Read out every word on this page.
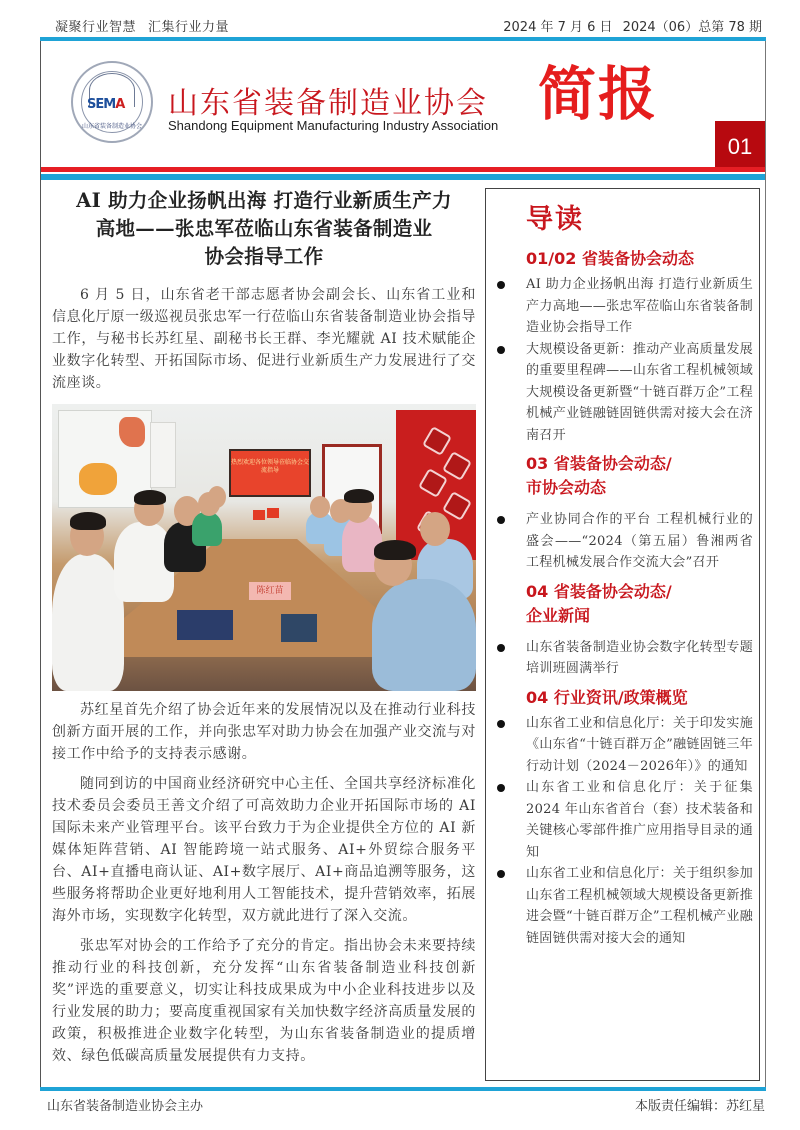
凝聚行业智慧 汇集行业力量	2024 年 7 月 6 日 2024（06）总第 78 期
SEMA
山东省装备制造业协会
山东省装备制造业协会
Shandong Equipment Manufacturing Industry Association 简报
01
AI 助力企业扬帆出海 打造行业新质生产力
高地——张忠军莅临山东省装备制造业
协会指导工作

6 月 5 日，山东省老干部志愿者协会副会长、山东省工业和信息化厅原一级巡视员张忠军一行莅临山东省装备制造业协会指导工作，与秘书长苏红星、副秘书长王群、李光耀就 AI 技术赋能企业数字化转型、开拓国际市场、促进行业新质生产力发展进行了交流座谈。

热烈欢迎各位领导莅临协会交流指导
陈红苗

苏红星首先介绍了协会近年来的发展情况以及在推动行业科技创新方面开展的工作，并向张忠军对助力协会在加强产业交流与对接工作中给予的支持表示感谢。

随同到访的中国商业经济研究中心主任、全国共享经济标准化技术委员会委员王善文介绍了可高效助力企业开拓国际市场的 AI 国际未来产业管理平台。该平台致力于为企业提供全方位的 AI 新媒体矩阵营销、AI 智能跨境一站式服务、AI+外贸综合服务平台、AI+直播电商认证、AI+数字展厅、AI+商品追溯等服务，这些服务将帮助企业更好地利用人工智能技术，提升营销效率，拓展海外市场，实现数字化转型，双方就此进行了深入交流。

张忠军对协会的工作给予了充分的肯定。指出协会未来要持续推动行业的科技创新，充分发挥“山东省装备制造业科技创新奖”评选的重要意义，切实让科技成果成为中小企业科技进步以及行业发展的助力；要高度重视国家有关加快数字经济高质量发展的政策，积极推进企业数字化转型，为山东省装备制造业的提质增效、绿色低碳高质量发展提供有力支持。

导读
01/02 省装备协会动态
AI 助力企业扬帆出海 打造行业新质生产力高地——张忠军莅临山东省装备制造业协会指导工作
大规模设备更新：推动产业高质量发展的重要里程碑——山东省工程机械领域大规模设备更新暨“十链百群万企”工程机械产业链融链固链供需对接大会在济南召开
03 省装备协会动态/
市协会动态
产业协同合作的平台 工程机械行业的盛会——“2024（第五届）鲁湘两省工程机械发展合作交流大会”召开
04 省装备协会动态/
企业新闻
山东省装备制造业协会数字化转型专题培训班圆满举行
04 行业资讯/政策概览
山东省工业和信息化厅：关于印发实施《山东省“十链百群万企”融链固链三年行动计划（2024－2026年）》的通知
山东省工业和信息化厅：关于征集2024 年山东省首台（套）技术装备和关键核心零部件推广应用指导目录的通知
山东省工业和信息化厅：关于组织参加山东省工程机械领域大规模设备更新推进会暨“十链百群万企”工程机械产业融链固链供需对接大会的通知
山东省装备制造业协会主办	本版责任编辑：苏红星
